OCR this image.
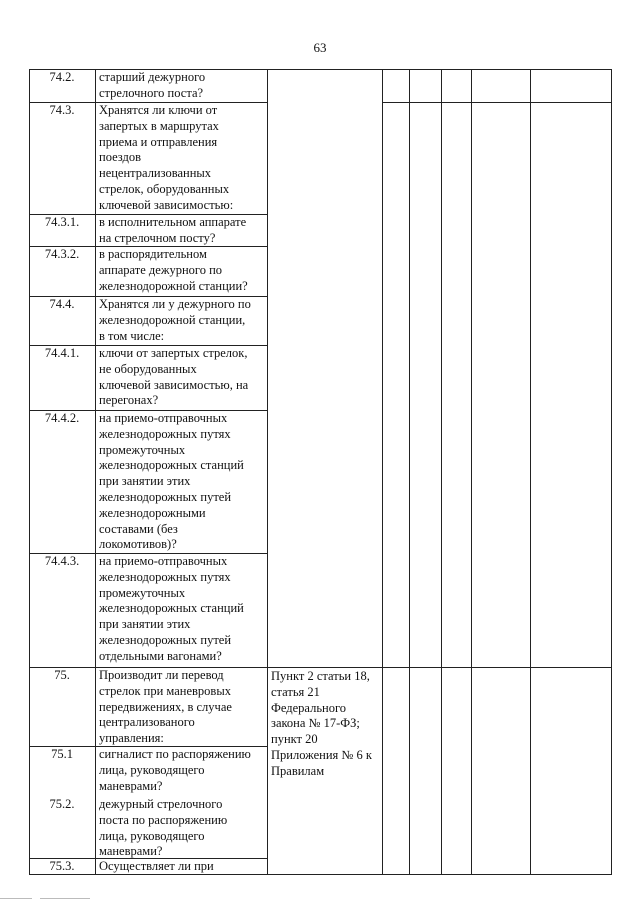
63
74.2.
74.3.
74.3.1.
74.3.2.
74.4.
74.4.1.
74.4.2.
74.4.3.
75.
75.1
75.2.
75.3.
старший дежурного
стрелочного поста?
Хранятся ли ключи от
запертых в маршрутах
приема и отправления
поездов
нецентрализованных
стрелок, оборудованных
ключевой зависимостью:
в исполнительном аппарате
на стрелочном посту?
в распорядительном
аппарате дежурного по
железнодорожной станции?
Хранятся ли у дежурного по
железнодорожной станции,
в том числе:
ключи от запертых стрелок,
не оборудованных
ключевой зависимостью, на
перегонах?
на приемо-отправочных
железнодорожных путях
промежуточных
железнодорожных станций
при занятии этих
железнодорожных путей
железнодорожными
составами (без
локомотивов)?
на приемо-отправочных
железнодорожных путях
промежуточных
железнодорожных станций
при занятии этих
железнодорожных путей
отдельными вагонами?
Производит ли перевод
стрелок при маневровых
передвижениях, в случае
централизованого
управления:
сигналист по распоряжению
лица, руководящего
маневрами?
дежурный стрелочного
поста по распоряжению
лица, руководящего
маневрами?
Осуществляет ли при
Пункт 2 статьи 18,
статья 21
Федерального
закона № 17-ФЗ;
пункт 20
Приложения № 6 к
Правилам
